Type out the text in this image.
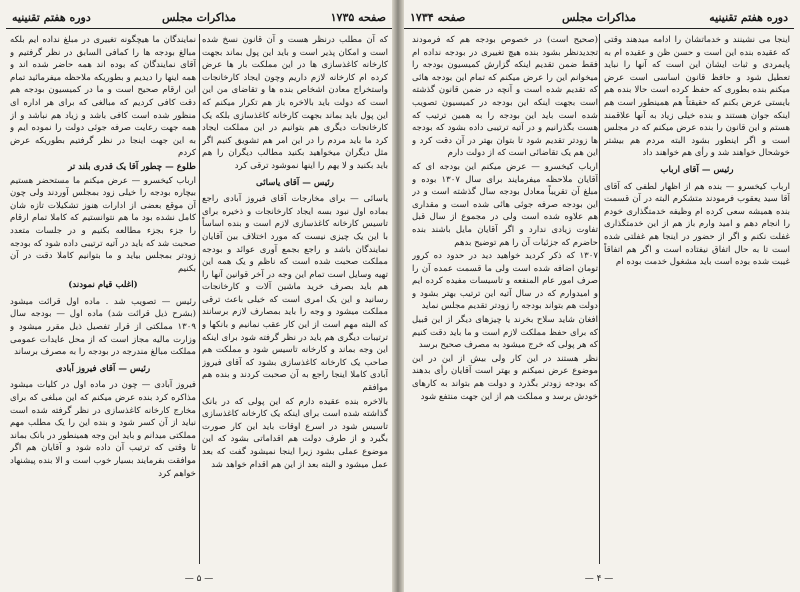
صفحه ۱۷۳۵
مذاکرات مجلس
دوره هفتم تقنینیه

که آن مطلب درنظر هست و آن قانون نسخ شده است و امکان پذیر است و باید این پول بماند بجهت کارخانه کاغذسازی ها در این مملکت بار ها عرض کرده ام کارخانه لازم داریم وچون ایجاد کارخانجات واستخراج معادن اشخاص بنده ها و تقاضای من این است که دولت باید بالاخره باز هم تکرار میکنم که این پول باید بماند بجهت کارخانه کاغذسازی بلکه یک کارخانجات دیگری هم بتوانیم در این مملکت ایجاد کرد ما باید مردم را در این امر هم تشویق کنیم اگر مثل دیگران میخواهید بکنید مطالب دیگران را هم باید بکنید و لا یهم را اینها نموشود ترقی کرد

رئیس — آقای یاسائی

یاسائی — برای مخارجات آقای فیروز آبادی راجع بماده اول نبود بسه ایجاد کارخانجات و ذخیره برای تاسیس کارخانه کاغذسازی لازم است و بنده اساساً با این یک چیزی نیست که مورد اختلاف بین آقایان نمایندگان باشد و راجع بجمع آوری عوائد و بودجه مملکت صحبت شده است که ناظم و یک همه این تهیه وسایل است تمام این وجه در آخر قوانین آنها را هم باید بصرف خرید ماشین آلات و کارخانجات رسانید و این یک امری است که خیلی باعث ترقی مملکت میشود و وجه را باید بمصارف لازم برسانند که البته مهم است از این کار عقب نمانیم و بانکها و ترتیبات دیگری هم باید در نظر گرفته شود برای اینکه این وجه بماند و کارخانه تاسیس شود و مملکت هم صاحب یک کارخانه کاغذسازی بشود که آقای فیروز آبادی کاملا اینجا راجع به آن صحبت کردند و بنده هم موافقم

بالاخره بنده عقیده دارم که این پولی که در بانک گذاشته شده است برای اینکه یک کارخانه کاغذسازی تاسیس شود در اسرع اوقات باید این کار صورت بگیرد و از طرف دولت هم اقداماتی بشود که این موضوع عملی بشود زیرا اینجا نمیشود گفت که بعد عمل میشود و البته بعد از این هم اقدام خواهد شد

نمایندگان ما هیچگونه تغییری در مبلغ نداده ایم بلکه مبالغ بودجه ها را کمافی السابق در نظر گرفتیم و آقای نمایندگان که بوده اند همه حاضر شده اند و همه اینها را دیدیم و بطوریکه ملاحظه میفرمائید تمام این ارقام صحیح است و ما در کمیسیون بودجه هم دقت کافی کردیم که مبالغی که برای هر اداره ای منظور شده است کافی باشد و زیاد هم نباشد و از همه جهت رعایت صرفه جوئی دولت را نموده ایم و به این جهت اینجا در نظر گرفتیم بطوریکه عرض کردم

طلوع — چطور آقا یک قدری بلند تر

ارباب کیخسرو — عرض میکنم ما مستحضر هستیم بیچاره بودجه را خیلی زود بمجلس آوردند ولی چون آن موقع بعضی از ادارات هنوز تشکیلات تازه شان کامل نشده بود ما هم نتوانستیم که کاملا تمام ارقام را جزء بجزء مطالعه بکنیم و در جلسات متعدد صحبت شد که باید در آتیه ترتیبی داده شود که بودجه زودتر بمجلس بیاید و ما بتوانیم کاملا دقت در آن بکنیم

(اغلب قیام نمودند)

رئیس — تصویب شد . ماده اول قرائت میشود (بشرح ذیل قرائت شد) ماده اول — بودجه سال ۱۳۰۹ مملکتی از قرار تفصیل ذیل مقرر میشود و وزارت مالیه مجاز است که از محل عایدات عمومی مملکت مبالغ مندرجه در بودجه را به مصرف برساند

رئیس — آقای فیروز آبادی

فیروز آبادی — چون در ماده اول در کلیات میشود مذاکره کرد بنده عرض میکنم که این مبلغی که برای مخارج کارخانه کاغذسازی در نظر گرفته شده است نباید از آن کسر شود و بنده این را یک مطلب مهم مملکتی میدانم و باید این وجه همینطور در بانک بماند تا وقتی که ترتیب آن داده شود و آقایان هم اگر موافقت بفرمایند بسیار خوب است و الا بنده پیشنهاد خواهم کرد

— ۵ —
دوره هفتم تقنینیه
مذاکرات مجلس
صفحه ۱۷۳۴

اینجا می نشینند و خدماتشان را ادامه میدهند وقتی که عقیده بنده این است و حسن ظن و عقیده ام به پایمردی و ثبات ایشان این است که آنها را نباید تعطیل شود و حافظ قانون اساسی است عرض میکنم بنده بطوری که حفظ کرده است حالا بنده هم بایستی عرض بکنم که حقیقتاً هم همینطور است هم اینکه جوان هستند و بنده خیلی زیاد به آنها علاقمند هستم و این قانون را بنده عرض میکنم که در مجلس است و اگر اینطور بشود البته مردم هم بیشتر خوشحال خواهند شد و رأی هم خواهند داد

رئیس — آقای ارباب

ارباب کیخسرو — بنده هم از اظهار لطفی که آقای آقا سید یعقوب فرمودند متشکرم البته در آن قسمت بنده همیشه سعی کرده ام وظیفه خدمتگذاری خودم را انجام دهم و امید وارم باز هم از این خدمتگذاری غفلت نکنم و اگر از حضور در اینجا هم غفلتی شده است تا به حال اتفاق نیفتاده است و اگر هم اتفاقاً غیبت شده بوده است باید مشغول خدمت بوده ام

(صحیح است) در خصوص بودجه هم که فرمودند تجدیدنظر بشود بنده هیچ تغییری در بودجه نداده ام فقط ضمن تقدیم اینکه گزارش کمیسیون بودجه را میخوانم این را عرض میکنم که تمام این بودجه هائی که تقدیم شده است و آنچه در ضمن قانون گذشته است بجهت اینکه این بودجه در کمیسیون تصویب شده است باید این بودجه را به همین ترتیب که هست بگذرانیم و در آتیه ترتیبی داده بشود که بودجه ها زودتر تقدیم شود تا بتوان بهتر در آن دقت کرد و این هم یک تقاضائی است که از دولت دارم

ارباب کیخسرو — عرض میکنم این بودجه ای که آقایان ملاحظه میفرمایند برای سال ۱۳۰۷ بوده و مبلغ آن تقریباً معادل بودجه سال گذشته است و در این بودجه صرفه جوئی هائی شده است و مقداری هم علاوه شده است ولی در مجموع از سال قبل تفاوت زیادی ندارد و اگر آقایان مایل باشند بنده حاضرم که جزئیات آن را هم توضیح بدهم

۱۳۰۷ که ذکر کردید خواهید دید در حدود ده کرور تومان اضافه شده است ولی ما قسمت عمده آن را صرف امور عام المنفعه و تاسیسات مفیده کرده ایم و امیدوارم که در سال آتیه این ترتیب بهتر بشود و دولت هم بتواند بودجه را زودتر تقدیم مجلس نماید

افغان شاید سلاح بخرند یا چیزهای دیگر از این قبیل که برای حفظ مملکت لازم است و ما باید دقت کنیم که هر پولی که خرج میشود به مصرف صحیح برسد

نظر هستند در این کار ولی بیش از این در این موضوع عرض نمیکنم و بهتر است آقایان رأی بدهند که بودجه زودتر بگذرد و دولت هم بتواند به کارهای خودش برسد و مملکت هم از این جهت منتفع شود

— ۴ —
